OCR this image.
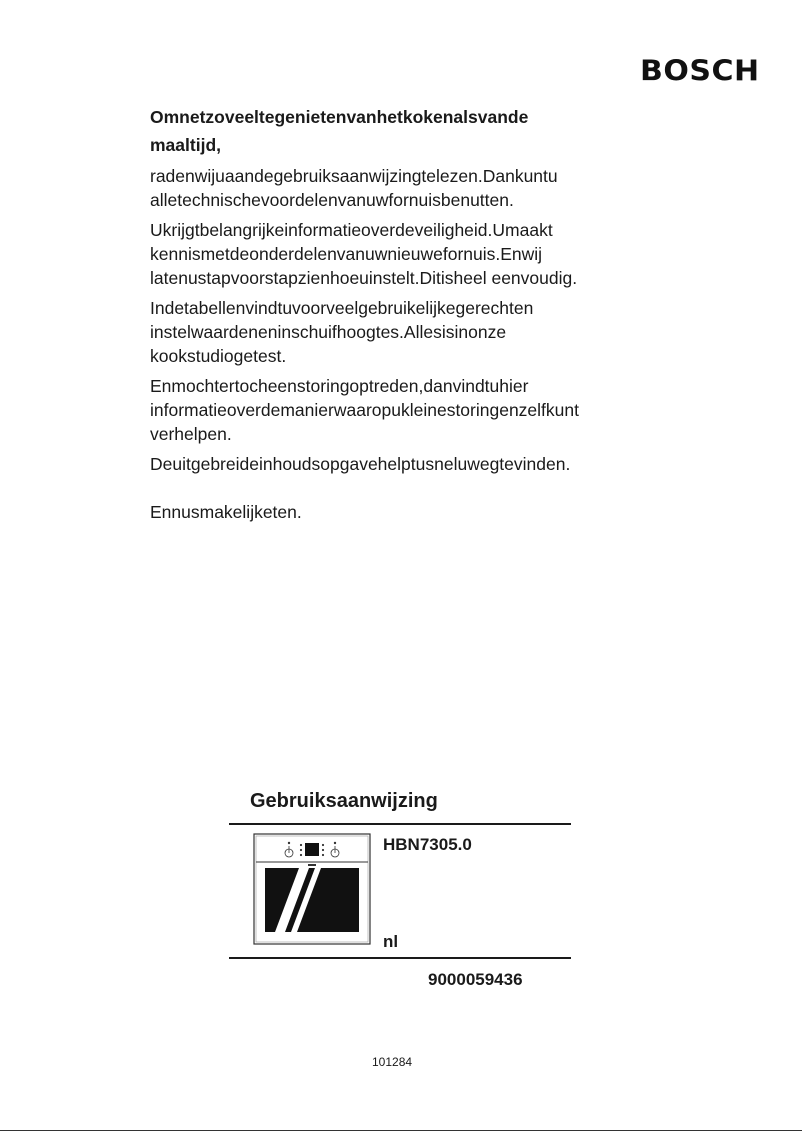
BOSCH
Omnetzoveeltegenietenvanhetkokenalsvande
maaltijd,

radenwijuaandegebruiksaanwijzingtelezen.Dankuntu alletechnischevoordelenvanuwfornuisbenutten.

Ukrijgtbelangrijkeinformatieoverdeveiligheid.Umaakt kennismetdeonderdelenvanuwnieuwefornuis.Enwij latenustapvoorstapzienhoeuinstelt.Ditisheel eenvoudig.

Indetabellenvindtuvoorveelgebruikelijkegerechten instelwaardeneninschuifhoogtes.Allesisinonze kookstudiogetest.

Enmochtertocheenstoringoptreden,danvindtuhier informatieoverdemanierwaaropukleinestoringenzelfkunt verhelpen.

Deuitgebreideinhoudsopgavehelptusneluwegtevinden.

Ennusmakelijketen.

Gebruiksaanwijzing
HBN7305.0
nl
9000059436
101284
